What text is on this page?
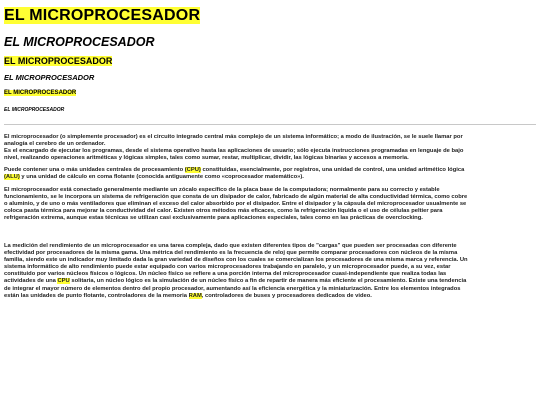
EL MICROPROCESADOR
EL MICROPROCESADOR
EL MICROPROCESADOR
EL MICROPROCESADOR
EL MICROPROCESADOR
EL MICROPROCESADOR

El microprocesador (o simplemente procesador) es el circuito integrado central más complejo de un sistema informático; a modo de ilustración, se le suele llamar por
analogía el cerebro de un ordenador.
Es el encargado de ejecutar los programas, desde el sistema operativo hasta las aplicaciones de usuario; sólo ejecuta instrucciones programadas en lenguaje de bajo
nivel, realizando operaciones aritméticas y lógicas simples, tales como sumar, restar, multiplicar, dividir, las lógicas binarias y accesos a memoria.

Puede contener una o más unidades centrales de procesamiento (CPU) constituidas, esencialmente, por registros, una unidad de control, una unidad aritmético lógica
(ALU) y una unidad de cálculo en coma flotante (conocida antiguamente como «coprocesador matemático»).

El microprocesador está conectado generalmente mediante un zócalo específico de la placa base de la computadora; normalmente para su correcto y estable
funcionamiento, se le incorpora un sistema de refrigeración que consta de un disipador de calor, fabricado de algún material de alta conductividad térmica, como cobre
o aluminio, y de uno o más ventiladores que eliminan el exceso del calor absorbido por el disipador. Entre el disipador y la cápsula del microprocesador usualmente se
coloca pasta térmica para mejorar la conductividad del calor. Existen otros métodos más eficaces, como la refrigeración líquida o el uso de células peltier para
refrigeración extrema, aunque estas técnicas se utilizan casi exclusivamente para aplicaciones especiales, tales como en las prácticas de overclocking.

La medición del rendimiento de un microprocesador es una tarea compleja, dado que existen diferentes tipos de "cargas" que pueden ser procesadas con diferente
efectividad por procesadores de la misma gama. Una métrica del rendimiento es la frecuencia de reloj que permite comparar procesadores con núcleos de la misma
familia, siendo este un indicador muy limitado dada la gran variedad de diseños con los cuales se comercializan los procesadores de una misma marca y referencia. Un
sistema informático de alto rendimiento puede estar equipado con varios microprocesadores trabajando en paralelo, y un microprocesador puede, a su vez, estar
constituido por varios núcleos físicos o lógicos. Un núcleo físico se refiere a una porción interna del microprocesador cuasi-independiente que realiza todas las
actividades de una CPU solitaria, un núcleo lógico es la simulación de un núcleo físico a fin de repartir de manera más eficiente el procesamiento. Existe una tendencia
de integrar el mayor número de elementos dentro del propio procesador, aumentando así la eficiencia energética y la miniaturización. Entre los elementos integrados
están las unidades de punto flotante, controladores de la memoria RAM, controladores de buses y procesadores dedicados de video.
